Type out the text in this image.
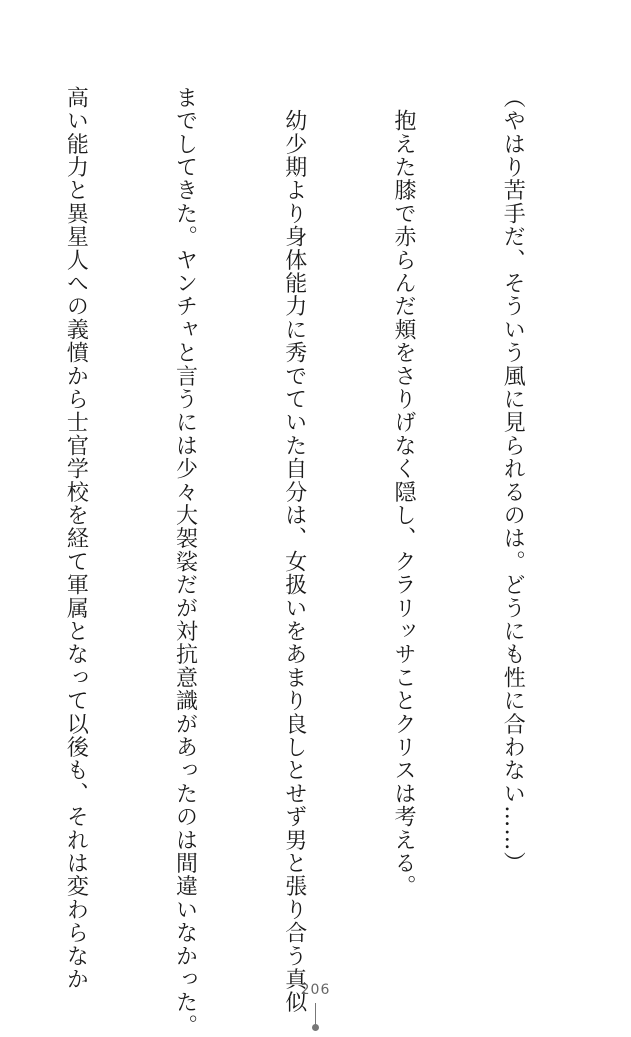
（やはり苦手だ、そういう風に見られるのは。どうにも性に合わない……）

　抱えた膝で赤らんだ頬をさりげなく隠し、クラリッサことクリスは考える。

　幼少期より身体能力に秀でていた自分は、女扱いをあまり良しとせず男と張り合う真似

までしてきた。ヤンチャと言うには少々大袈裟だが対抗意識があったのは間違いなかった。

高い能力と異星人への義憤から士官学校を経て軍属となって以後も、それは変わらなか

	206
